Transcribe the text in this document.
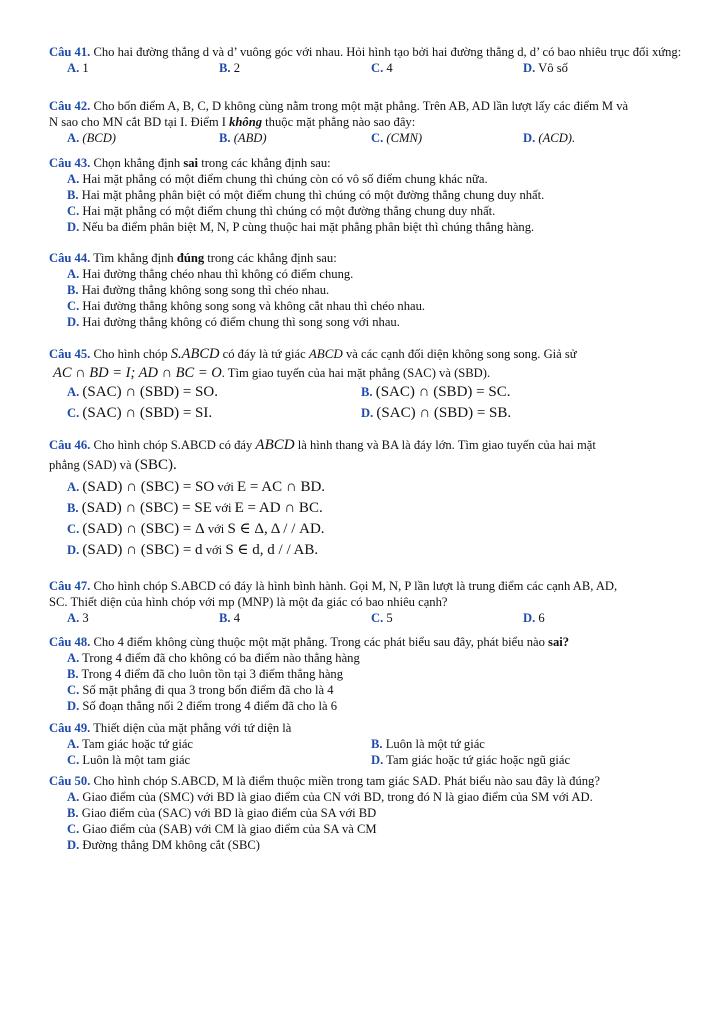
Câu 41. Cho hai đường thẳng d và d’ vuông góc với nhau. Hỏi hình tạo bởi hai đường thẳng d, d’ có bao nhiêu trục đối xứng:
A. 1	B. 2	C. 4	D. Vô số
Câu 42. Cho bốn điểm A, B, C, D không cùng nằm trong một mặt phẳng. Trên AB, AD lần lượt lấy các điểm M và
N sao cho MN cắt BD tại I. Điểm I không thuộc mặt phẳng nào sao đây:
A. (BCD)	B. (ABD)	C. (CMN)	D. (ACD).
Câu 43. Chọn khẳng định sai trong các khẳng định sau:
A. Hai mặt phẳng có một điểm chung thì chúng còn có vô số điểm chung khác nữa.
B. Hai mặt phẳng phân biệt có một điểm chung thì chúng có một đường thẳng chung duy nhất.
C. Hai mặt phẳng có một điểm chung thì chúng có một đường thẳng chung duy nhất.
D. Nếu ba điểm phân biệt M, N, P cùng thuộc hai mặt phẳng phân biệt thì chúng thẳng hàng.
Câu 44. Tìm khẳng định đúng trong các khẳng định sau:
A. Hai đường thẳng chéo nhau thì không có điểm chung.
B. Hai đường thẳng không song song thì chéo nhau.
C. Hai đường thẳng không song song và không cắt nhau thì chéo nhau.
D. Hai đường thẳng không có điểm chung thì song song với nhau.
Câu 45. Cho hình chóp S.ABCD có đáy là tứ giác ABCD và các cạnh đối diện không song song. Giả sử
AC ∩ BD = I; AD ∩ BC = O. Tìm giao tuyến của hai mặt phẳng (SAC) và (SBD).
A. (SAC) ∩ (SBD) = SO.	B. (SAC) ∩ (SBD) = SC.
C. (SAC) ∩ (SBD) = SI.	D. (SAC) ∩ (SBD) = SB.
Câu 46. Cho hình chóp S.ABCD có đáy ABCD là hình thang và BA là đáy lớn. Tìm giao tuyến của hai mặt
phẳng (SAD) và (SBC).
A. (SAD) ∩ (SBC) = SO với E = AC ∩ BD.
B. (SAD) ∩ (SBC) = SE với E = AD ∩ BC.
C. (SAD) ∩ (SBC) = Δ với S ∈ Δ, Δ / / AD.
D. (SAD) ∩ (SBC) = d với S ∈ d, d / / AB.
Câu 47. Cho hình chóp S.ABCD có đáy là hình bình hành. Gọi M, N, P lần lượt là trung điểm các cạnh AB, AD,
SC. Thiết diện của hình chóp với mp (MNP) là một đa giác có bao nhiêu cạnh?
A. 3	B. 4	C. 5	D. 6
Câu 48. Cho 4 điểm không cùng thuộc một mặt phẳng. Trong các phát biểu sau đây, phát biểu nào sai?
A. Trong 4 điểm đã cho không có ba điểm nào thẳng hàng
B. Trong 4 điểm đã cho luôn tồn tại 3 điểm thẳng hàng
C. Số mặt phẳng đi qua 3 trong bốn điểm đã cho là 4
D. Số đoạn thẳng nối 2 điểm trong 4 điểm đã cho là 6
Câu 49. Thiết diện của mặt phẳng với tứ diện là
A. Tam giác hoặc tứ giác	B. Luôn là một tứ giác
C. Luôn là một tam giác	D. Tam giác hoặc tứ giác hoặc ngũ giác
Câu 50. Cho hình chóp S.ABCD, M là điểm thuộc miền trong tam giác SAD. Phát biểu nào sau đây là đúng?
A. Giao điểm của (SMC) với BD là giao điểm của CN với BD, trong đó N là giao điểm của SM với AD.
B. Giao điểm của (SAC) với BD là giao điểm của SA với BD
C. Giao điểm của (SAB) với CM là giao điểm của SA và CM
D. Đường thẳng DM không cắt (SBC)
